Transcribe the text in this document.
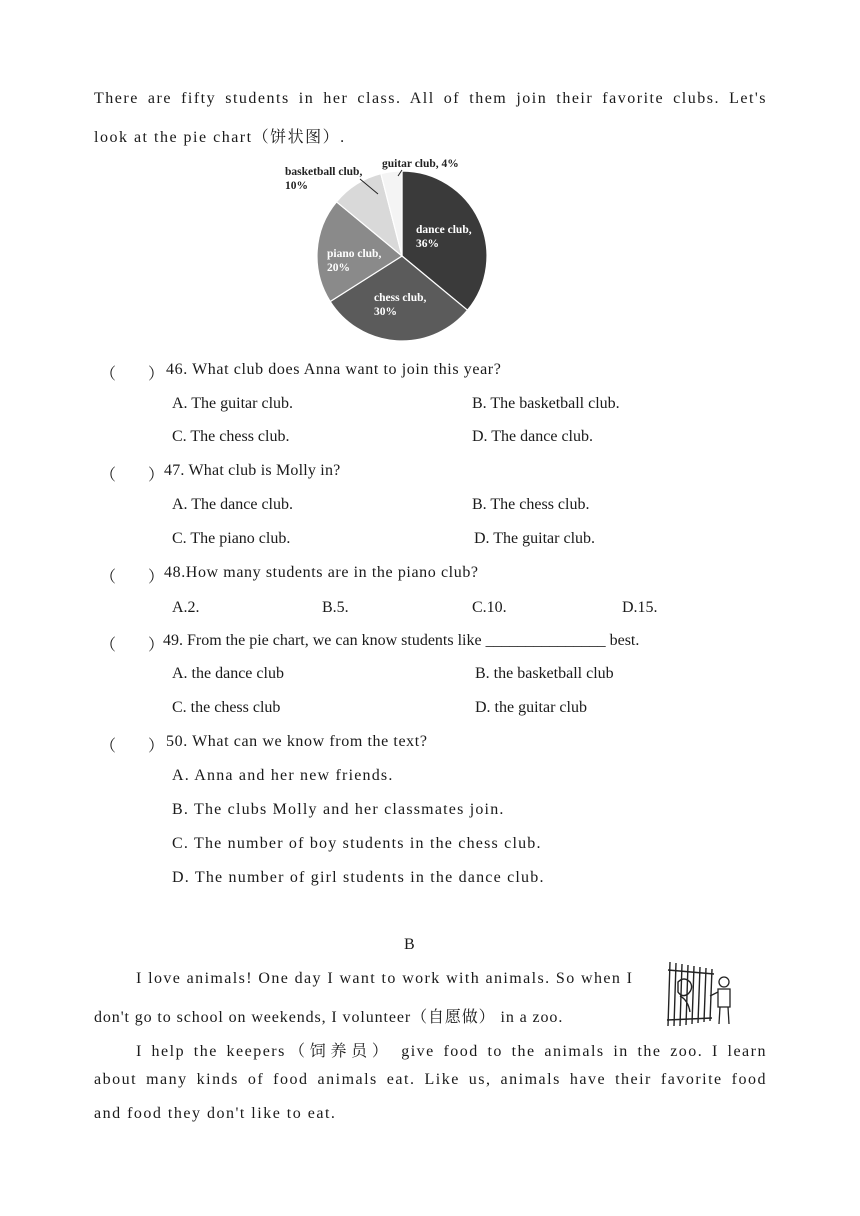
There are fifty students in her class. All of them join their favorite clubs. Let's
look at the pie chart（饼状图）.
dance club, 36%
chess club, 30%
piano club, 20%
basketball club, 10%
guitar club, 4%
（　　） 46. What club does Anna want to join this year?
A. The guitar club.	B. The basketball club.
C. The chess club.	D. The dance club.
（　　） 47. What club is Molly in?
A. The dance club.	B. The chess club.
C. The piano club.	D. The guitar club.
（　　） 48.How many students are in the piano club?
A.2.	B.5.	C.10.	D.15.
（　　）
49. From the pie chart, we can know students like _______________ best.
A. the dance club	B. the basketball club
C. the chess club	D. the guitar club
（　　） 50. What can we know from the text?
A. Anna and her new friends.
B. The clubs Molly and her classmates join.
C. The number of boy students in the chess club.
D. The number of girl students in the dance club.
B
I love animals! One day I want to work with animals. So when I
don't go to school on weekends, I volunteer（自愿做） in a zoo.
I help the keepers（饲养员） give food to the animals in the zoo. I learn
about many kinds of food animals eat. Like us, animals have their favorite food
and food they don't like to eat.
